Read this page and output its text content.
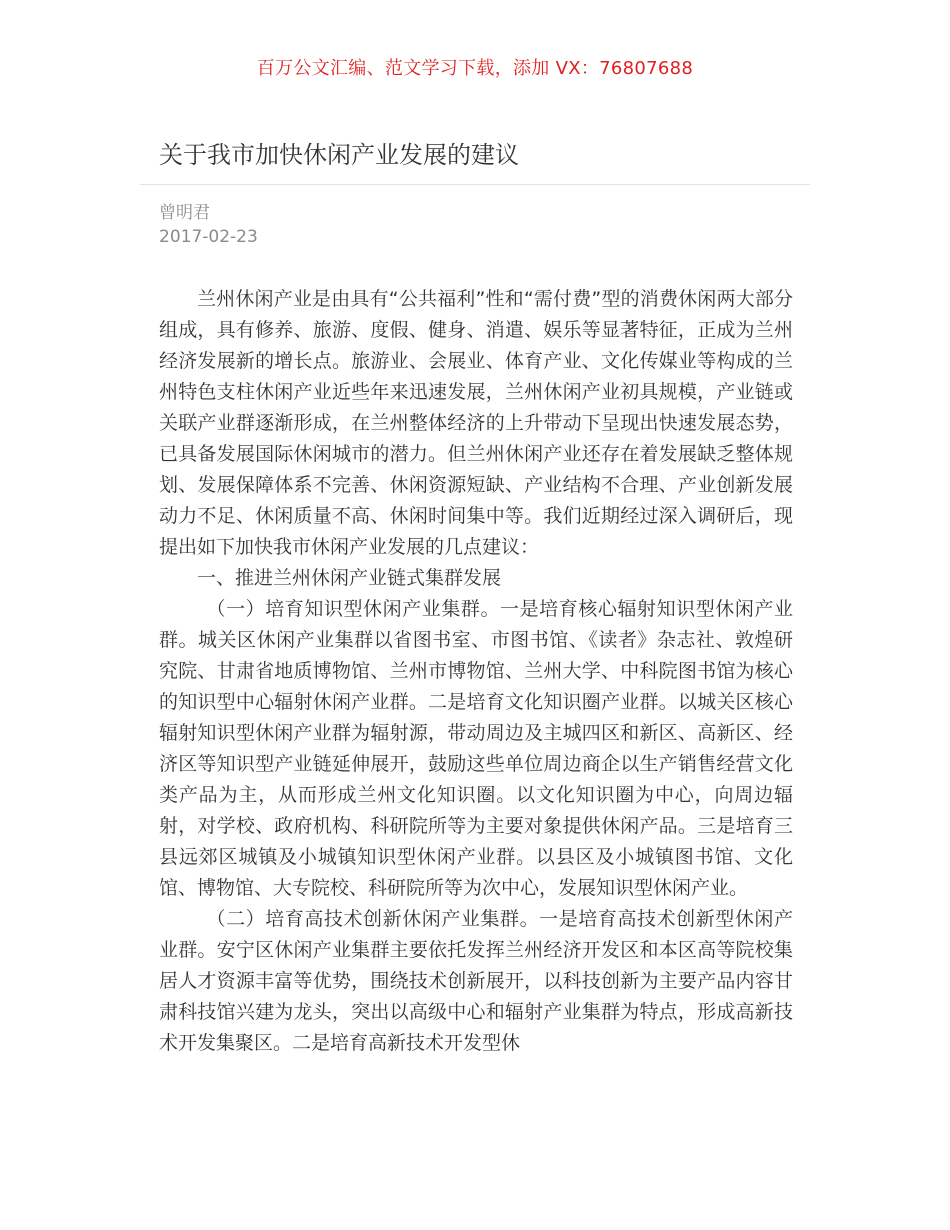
百万公文汇编、范文学习下载，添加 VX：76807688
关于我市加快休闲产业发展的建议
曾明君
2017-02-23

兰州休闲产业是由具有“公共福利”性和“需付费”型的消费休闲两大部分组成，具有修养、旅游、度假、健身、消遣、娱乐等显著特征，正成为兰州经济发展新的增长点。旅游业、会展业、体育产业、文化传媒业等构成的兰州特色支柱休闲产业近些年来迅速发展，兰州休闲产业初具规模，产业链或关联产业群逐渐形成，在兰州整体经济的上升带动下呈现出快速发展态势，已具备发展国际休闲城市的潜力。但兰州休闲产业还存在着发展缺乏整体规划、发展保障体系不完善、休闲资源短缺、产业结构不合理、产业创新发展动力不足、休闲质量不高、休闲时间集中等。我们近期经过深入调研后，现提出如下加快我市休闲产业发展的几点建议：

一、推进兰州休闲产业链式集群发展

（一）培育知识型休闲产业集群。一是培育核心辐射知识型休闲产业群。城关区休闲产业集群以省图书室、市图书馆、《读者》杂志社、敦煌研究院、甘肃省地质博物馆、兰州市博物馆、兰州大学、中科院图书馆为核心的知识型中心辐射休闲产业群。二是培育文化知识圈产业群。以城关区核心辐射知识型休闲产业群为辐射源，带动周边及主城四区和新区、高新区、经济区等知识型产业链延伸展开，鼓励这些单位周边商企以生产销售经营文化类产品为主，从而形成兰州文化知识圈。以文化知识圈为中心，向周边辐射，对学校、政府机构、科研院所等为主要对象提供休闲产品。三是培育三县远郊区城镇及小城镇知识型休闲产业群。以县区及小城镇图书馆、文化馆、博物馆、大专院校、科研院所等为次中心，发展知识型休闲产业。

（二）培育高技术创新休闲产业集群。一是培育高技术创新型休闲产业群。安宁区休闲产业集群主要依托发挥兰州经济开发区和本区高等院校集居人才资源丰富等优势，围绕技术创新展开，以科技创新为主要产品内容甘肃科技馆兴建为龙头，突出以高级中心和辐射产业集群为特点，形成高新技术开发集聚区。二是培育高新技术开发型休
